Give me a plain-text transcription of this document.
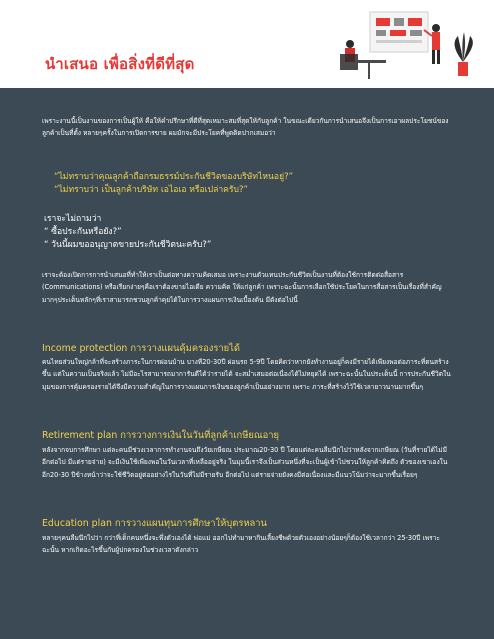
นำเสนอ เพื่อสิ่งที่ดีที่สุด

เพราะงานนี้เป็นงานของการเป็นผู้ให้ คือให้คำปรึกษาที่ดีที่สุดเหมาะสมที่สุดให้กับลูกค้า ในขณะเดียวกันการนำเสนอจึงเป็นการเอาผลประโยชน์ของลูกค้าเป็นที่ตั้ง หลายๆครั้งในการเปิดการขาย ผมมักจะมีประโยคที่พูดติดปากเสมอว่า

“ไม่ทราบว่าคุณลูกค้าถือกรมธรรม์ประกันชีวิตของบริษัทไหนอยู่?”
“ไม่ทราบว่า เป็นลูกค้าบริษัท เอไอเอ หรือเปล่าครับ?”
เราจะไม่ถามว่า
“ ซื้อประกันหรือยัง?”
“ วันนี้ผมขออนุญาตขายประกันชีวิตนะครับ?”

เราจะต้องเปิดการการนำเสนอที่ทำให้เราเป็นต่อทางความคิดเสมอ เพราะงานตัวแทนประกันชีวิตเป็นงานที่ต้องใช้การติดต่อสื่อสาร (Communications) หรือเรียกง่ายๆคือเราต้องขายไอเดีย ความคิด ให้แก่ลูกค้า เพราะฉะนั้นการเลือกใช้ประโยคในการสื่อสารเป็นเรื่องที่สำคัญมากๆประเด็นหลักๆที่เราสามารถชวนลูกค้าคุยได้ในการวางแผนการเงินเบื้องต้น มีดังต่อไปนี้

Income protection การวางแผนคุ้มครองรายได้

คนไทยส่วนใหญ่กล้าที่จะสร้างภาระในการผ่อนบ้าน บางที20-30ปี ผ่อนรถ 5-9ปี โดยคิดว่าหากยังทำงานอยู่ก็คงมีรายได้เพียงพอต่อภาระที่ตนสร้างขึ้น แต่ในความเป็นจริงแล้ว ไม่มีอะไรสามารถมาการันตีได้ว่ารายได้ จะสม่ำเสมอต่อเนื่องได้ไม่หยุดได้ เพราะฉะนั้นในประเด็นนี้ การประกันชีวิตในมุมของการคุ้มครองรายได้จึงมีความสำคัญในการวางแผนการเงินของลูกค้าเป็นอย่างมาก เพราะ ภาระที่สร้างไว้ใช้เวลายาวนานมากขึ้นๆ

Retirement plan การวางการเงินในวันที่ลูกค้าเกษียณอายุ

หลังจากจบการศึกษา แต่ละคนมีช่วงเวลาการทำงานจนถึงวัยเกษียณ ประมาณ20-30 ปี โดยแต่ละคนลืมนึกไปว่าหลังจากเกษียณ (วันที่รายได้ไม่มีอีกต่อไป มีแต่รายจ่าย) จะมีเงินใช้เพียงพอในวันเวลาที่เหลืออยู่จริง ในมุมนี้เราจึงเป็นส่วนหนึ่งที่จะเป็นผู้เข้าไปชวนให้ลูกค้าคิดถึง ตัวของเขาเองในอีก20-30 ปีข้างหน้าว่าจะใช้ชีวิตอยู่ต่ออย่างไรในวันที่ไม่มีรายรับ อีกต่อไป แต่รายจ่ายยังคงมีต่อเนื่องและมีแนวโน้มว่าจะมากขึ้นเรื่อยๆ

Education plan การวางแผนทุนการศึกษาให้บุตรหลาน

หลายๆคนลืมนึกไปว่า กว่าที่เด็กคนหนึ่งจะพึ่งตัวเองได้ พ่อแม่ ออกไปทำมาหากินเลี้ยงชีพด้วยตัวเองอย่างน้อยๆก็ต้องใช้เวลากว่า 25-30ปี เพราะฉะนั้น หากเกิดอะไรขึ้นกับผู้ปกครองในช่วงเวลาดังกล่าว
